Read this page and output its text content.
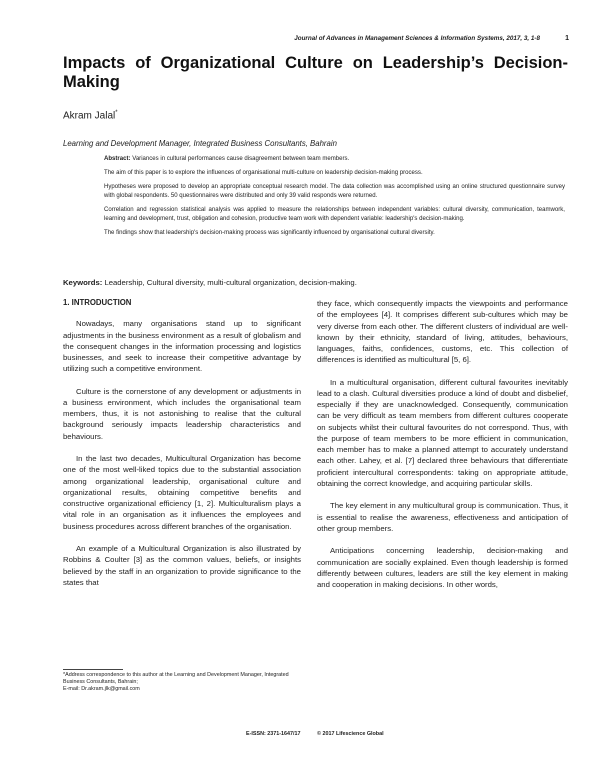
Journal of Advances in Management Sciences & Information Systems, 2017, 3, 1-8	1
Impacts of Organizational Culture on Leadership’s Decision-Making
Akram Jalal*
Learning and Development Manager, Integrated Business Consultants, Bahrain

Abstract: Variances in cultural performances cause disagreement between team members.

The aim of this paper is to explore the influences of organisational multi-culture on leadership decision-making process.

Hypotheses were proposed to develop an appropriate conceptual research model. The data collection was accomplished using an online structured questionnaire survey with global respondents. 50 questionnaires were distributed and only 39 valid responds were returned.

Correlation and regression statistical analysis was applied to measure the relationships between independent variables: cultural diversity, communication, teamwork, learning and development, trust, obligation and cohesion, productive team work with dependent variable: leadership's decision-making.

The findings show that leadership's decision-making process was significantly influenced by organisational cultural diversity.

Keywords: Leadership, Cultural diversity, multi-cultural organization, decision-making.
1. INTRODUCTION

Nowadays, many organisations stand up to significant adjustments in the business environment as a result of globalism and the consequent changes in the information processing and logistics businesses, and seek to increase their competitive advantage by utilizing such a competitive environment.

Culture is the cornerstone of any development or adjustments in a business environment, which includes the organisational team members, thus, it is not astonishing to realise that the cultural background seriously impacts leadership characteristics and behaviours.

In the last two decades, Multicultural Organization has become one of the most well-liked topics due to the substantial association among organizational leadership, organisational culture and organizational results, obtaining competitive benefits and constructive organizational efficiency [1, 2]. Multiculturalism plays a vital role in an organisation as it influences the employees and business procedures across different branches of the organisation.

An example of a Multicultural Organization is also illustrated by Robbins & Coulter [3] as the common values, beliefs, or insights believed by the staff in an organization to provide significance to the states that

they face, which consequently impacts the viewpoints and performance of the employees [4]. It comprises different sub-cultures which may be very diverse from each other. The different clusters of individual are well-known by their ethnicity, standard of living, attitudes, behaviours, languages, faiths, confidences, customs, etc. This collection of differences is identified as multicultural [5, 6].

In a multicultural organisation, different cultural favourites inevitably lead to a clash. Cultural diversities produce a kind of doubt and disbelief, especially if they are unacknowledged. Consequently, communication can be very difficult as team members from different cultures cooperate on subjects whilst their cultural favourites do not correspond. Thus, with the purpose of team members to be more efficient in communication, each member has to make a planned attempt to accurately understand each other. Lahey, et al. [7] declared three behaviours that differentiate proficient intercultural correspondents: taking on appropriate attitude, obtaining the correct knowledge, and acquiring particular skills.

The key element in any multicultural group is communication. Thus, it is essential to realise the awareness, effectiveness and anticipation of other group members.

Anticipations concerning leadership, decision-making and communication are socially explained. Even though leadership is formed differently between cultures, leaders are still the key element in making and cooperation in making decisions. In other words,

*Address correspondence to this author at the Learning and Development Manager, Integrated Business Consultants, Bahrain;
E-mail: Dr.akram.jlk@gmail.com
E-ISSN: 2371-1647/17	© 2017 Lifescience Global
